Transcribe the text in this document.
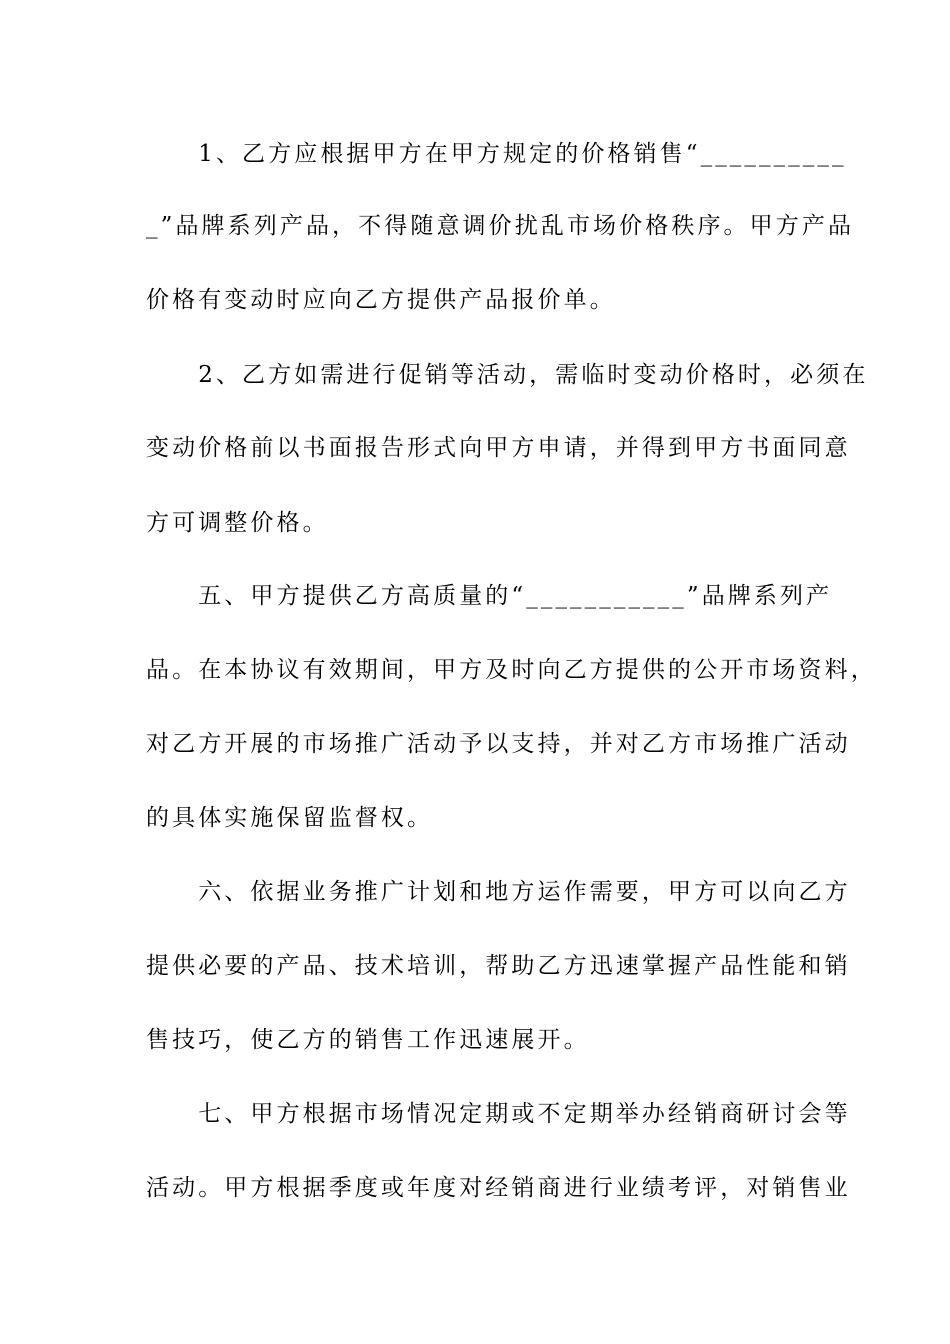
　　1、乙方应根据甲方在甲方规定的价格销售“__________
_”品牌系列产品，不得随意调价扰乱市场价格秩序。甲方产品
价格有变动时应向乙方提供产品报价单。
　　2、乙方如需进行促销等活动，需临时变动价格时，必须在
变动价格前以书面报告形式向甲方申请，并得到甲方书面同意
方可调整价格。
　　五、甲方提供乙方高质量的“___________”品牌系列产
品。在本协议有效期间，甲方及时向乙方提供的公开市场资料，
对乙方开展的市场推广活动予以支持，并对乙方市场推广活动
的具体实施保留监督权。
　　六、依据业务推广计划和地方运作需要，甲方可以向乙方
提供必要的产品、技术培训，帮助乙方迅速掌握产品性能和销
售技巧，使乙方的销售工作迅速展开。
　　七、甲方根据市场情况定期或不定期举办经销商研讨会等
活动。甲方根据季度或年度对经销商进行业绩考评，对销售业
